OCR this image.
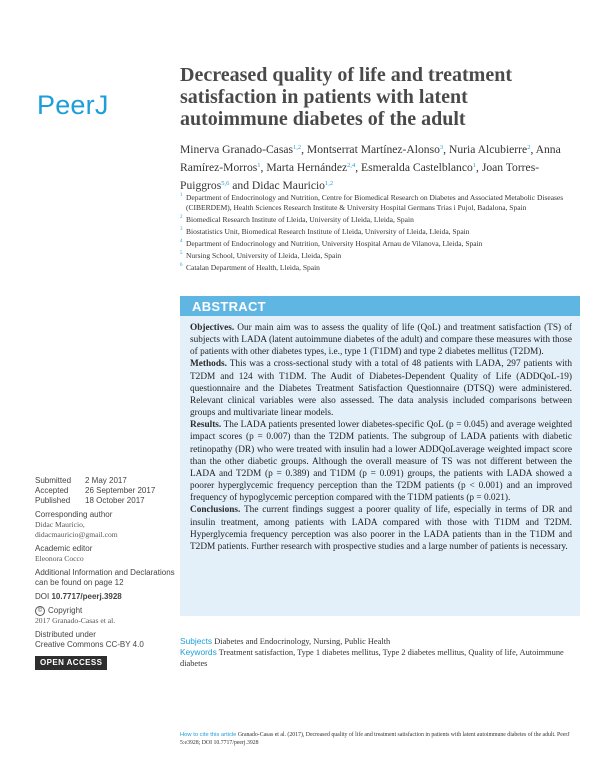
PeerJ
Decreased quality of life and treatment satisfaction in patients with latent autoimmune diabetes of the adult
Minerva Granado-Casas$^{1,2}$, Montserrat Martínez-Alonso$^3$, Nuria Alcubierre$^2$, Anna Ramírez-Morros$^1$, Marta Hernández$^{2,4}$, Esmeralda Castelblanco$^1$, Joan Torres-Puiggros$^{5,6}$ and Didac Mauricio$^{1,2}$
1 Department of Endocrinology and Nutrition, Centre for Biomedical Research on Diabetes and Associated Metabolic Diseases (CIBERDEM), Health Sciences Research Institute & University Hospital Germans Trias i Pujol, Badalona, Spain
2 Biomedical Research Institute of Lleida, University of Lleida, Lleida, Spain
3 Biostatistics Unit, Biomedical Research Institute of Lleida, University of Lleida, Lleida, Spain
4 Department of Endocrinology and Nutrition, University Hospital Arnau de Vilanova, Lleida, Spain
5 Nursing School, University of Lleida, Lleida, Spain
6 Catalan Department of Health, Lleida, Spain
ABSTRACT

Objectives. Our main aim was to assess the quality of life (QoL) and treatment satisfaction (TS) of subjects with LADA (latent autoimmune diabetes of the adult) and compare these measures with those of patients with other diabetes types, i.e., type 1 (T1DM) and type 2 diabetes mellitus (T2DM).

Methods. This was a cross-sectional study with a total of 48 patients with LADA, 297 patients with T2DM and 124 with T1DM. The Audit of Diabetes-Dependent Quality of Life (ADDQoL-19) questionnaire and the Diabetes Treatment Satisfaction Questionnaire (DTSQ) were administered. Relevant clinical variables were also assessed. The data analysis included comparisons between groups and multivariate linear models.

Results. The LADA patients presented lower diabetes-specific QoL (p = 0.045) and average weighted impact scores (p = 0.007) than the T2DM patients. The subgroup of LADA patients with diabetic retinopathy (DR) who were treated with insulin had a lower ADDQoLaverage weighted impact score than the other diabetic groups. Although the overall measure of TS was not different between the LADA and T2DM (p = 0.389) and T1DM (p = 0.091) groups, the patients with LADA showed a poorer hyperglycemic frequency perception than the T2DM patients (p < 0.001) and an improved frequency of hypoglycemic perception compared with the T1DM patients (p = 0.021).

Conclusions. The current findings suggest a poorer quality of life, especially in terms of DR and insulin treatment, among patients with LADA compared with those with T1DM and T2DM. Hyperglycemia frequency perception was also poorer in the LADA patients than in the T1DM and T2DM patients. Further research with prospective studies and a large number of patients is necessary.

Subjects Diabetes and Endocrinology, Nursing, Public Health
Keywords Treatment satisfaction, Type 1 diabetes mellitus, Type 2 diabetes mellitus, Quality of life, Autoimmune diabetes
Submitted	2 May 2017
Accepted	26 September 2017
Published	18 October 2017
Corresponding author
Didac Mauricio,
didacmauricio@gmail.com
Academic editor
Eleonora Cocco
Additional Information and Declarations can be found on page 12
DOI 10.7717/peerj.3928
© Copyright
2017 Granado-Casas et al.
Distributed under
Creative Commons CC-BY 4.0
OPEN ACCESS
How to cite this article Granado-Casas et al. (2017), Decreased quality of life and treatment satisfaction in patients with latent autoimmune diabetes of the adult. PeerJ 5:e3928; DOI 10.7717/peerj.3928
